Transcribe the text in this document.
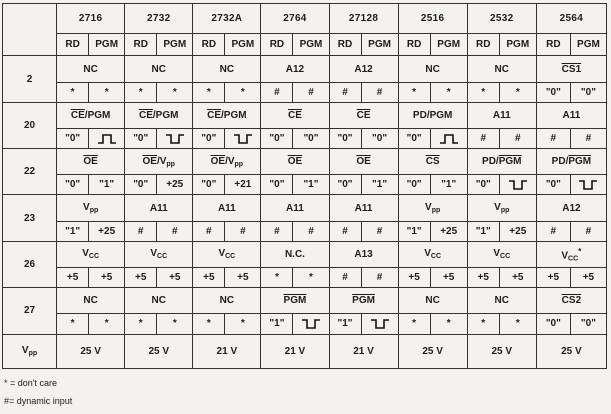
	2716		2732		2732A		2764		27128		2516		2532		2564	
	RD	PGM	RD	PGM	RD	PGM	RD	PGM	RD	PGM	RD	PGM	RD	PGM	RD	PGM
2	NC		NC		NC		A12		A12		NC		NC		CS1	
	*	*	*	*	*	*	#	#	#	#	*	*	*	*	"0"	"0"
20	$\overline{CE}$/PGM		$\overline{CE}$/PGM		$\overline{CE}$/PGM		$\overline{CE}$		$\overline{CE}$		PD/PGM		A11		A11	
	"0"		"0"		"0"		"0"	"0"	"0"	"0"	"0"		#	#	#	#
22	$\overline{OE}$		$\overline{OE}/V_{pp}$		$\overline{OE}/V_{pp}$		$\overline{OE}$		$\overline{OE}$		$\overline{CS}$		$PD/\overline{PGM}$		$PD/\overline{PGM}$
	"0"	"1"	"0"	+25	"0"	+21	"0"	"1"	"0"	"1"	"0"	"1"	"0"		"0"	

23	$V_{pp}$		A11		A11		A11		A11		$V_{pp}$		$V_{pp}$		A12	
	"1"	+25	#	#	#	#	#	#	#	#	"1"	+25	"1"	+25	#	#
26	$V_{CC}$		$V_{CC}$		$V_{CC}$		N.C.		A13		$V_{CC}$		$V_{CC}$		$V_{CC}^*$
	+5	+5	+5	+5	+5	+5	*	*	#	#	+5	+5	+5	+5	+5	+5
27	NC		NC		NC		$\overline{PGM}$		$\overline{PGM}$		NC		NC		CS2	
	*	*	*	*	*	*	"1"		"1"		*	*	*	*	"0"	"0"
$V_{pp}$	25 V		25 V		21 V		21 V		21 V		25 V		25 V		25 V	
* = don't care
#= dynamic input
